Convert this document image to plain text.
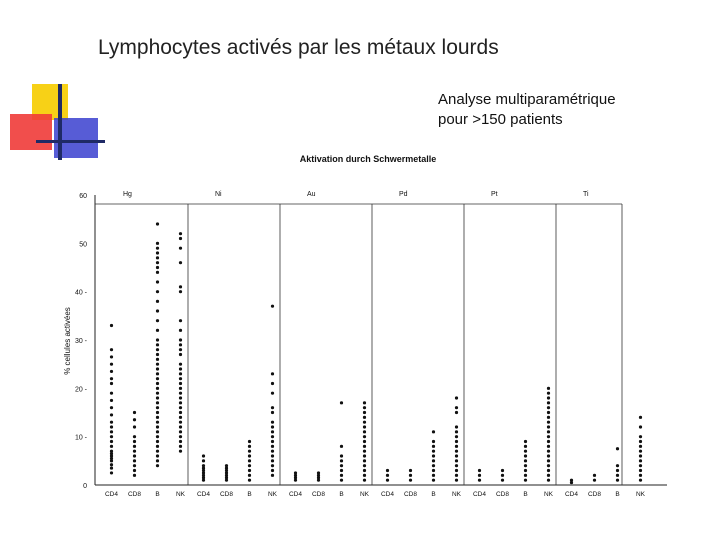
Lymphocytes activés par les métaux lourds
Analyse multiparamétrique
pour >150 patients
Aktivation durch Schwermetalle
% cellules activées
0
10 -
20 -
30 -
40 -
50
60	Hg
CD4 CD8 B	NK
Ni
CD4 CD8 B	NK
Au
CD4 CD8 B	NK
Pd
CD4 CD8 B	NK
Pt
CD4 CD8 B	NK
Ti
CD4 CD8 B	NK
